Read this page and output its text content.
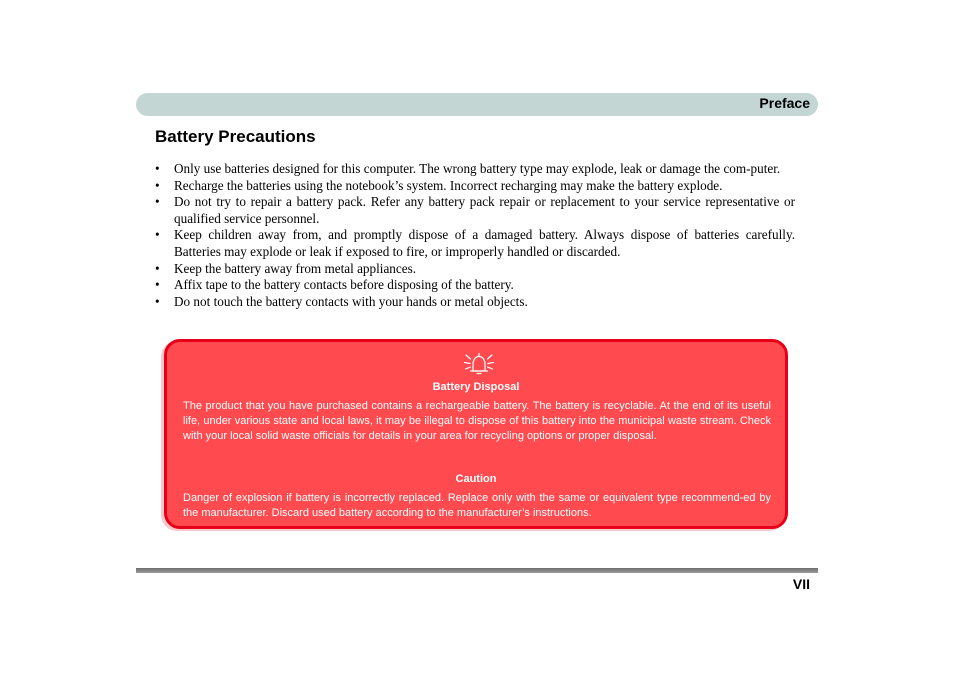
Preface
Battery Precautions
• Only use batteries designed for this computer. The wrong battery type may explode, leak or damage the com-puter.
• Recharge the batteries using the notebook’s system. Incorrect recharging may make the battery explode.
• Do not try to repair a battery pack. Refer any battery pack repair or replacement to your service representative or qualified service personnel.
• Keep children away from, and promptly dispose of a damaged battery. Always dispose of batteries carefully. Batteries may explode or leak if exposed to fire, or improperly handled or discarded.
• Keep the battery away from metal appliances.
• Affix tape to the battery contacts before disposing of the battery.
• Do not touch the battery contacts with your hands or metal objects.
Battery Disposal
The product that you have purchased contains a rechargeable battery. The battery is recyclable. At the end of its useful life, under various state and local laws, it may be illegal to dispose of this battery into the municipal waste stream. Check with your local solid waste officials for details in your area for recycling options or proper disposal.
Caution
Danger of explosion if battery is incorrectly replaced. Replace only with the same or equivalent type recommend-ed by the manufacturer. Discard used battery according to the manufacturer’s instructions.
VII
